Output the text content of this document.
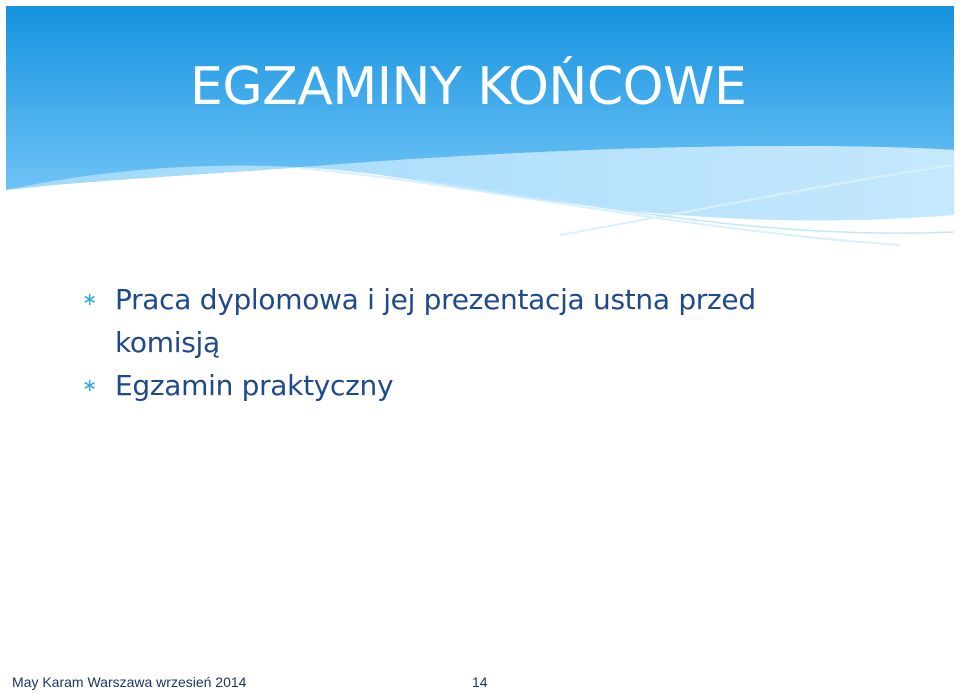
EGZAMINY KOŃCOWE
∗ Praca dyplomowa i jej prezentacja ustna przed komisją
∗ Egzamin praktyczny
May Karam Warszawa wrzesień 2014	14
